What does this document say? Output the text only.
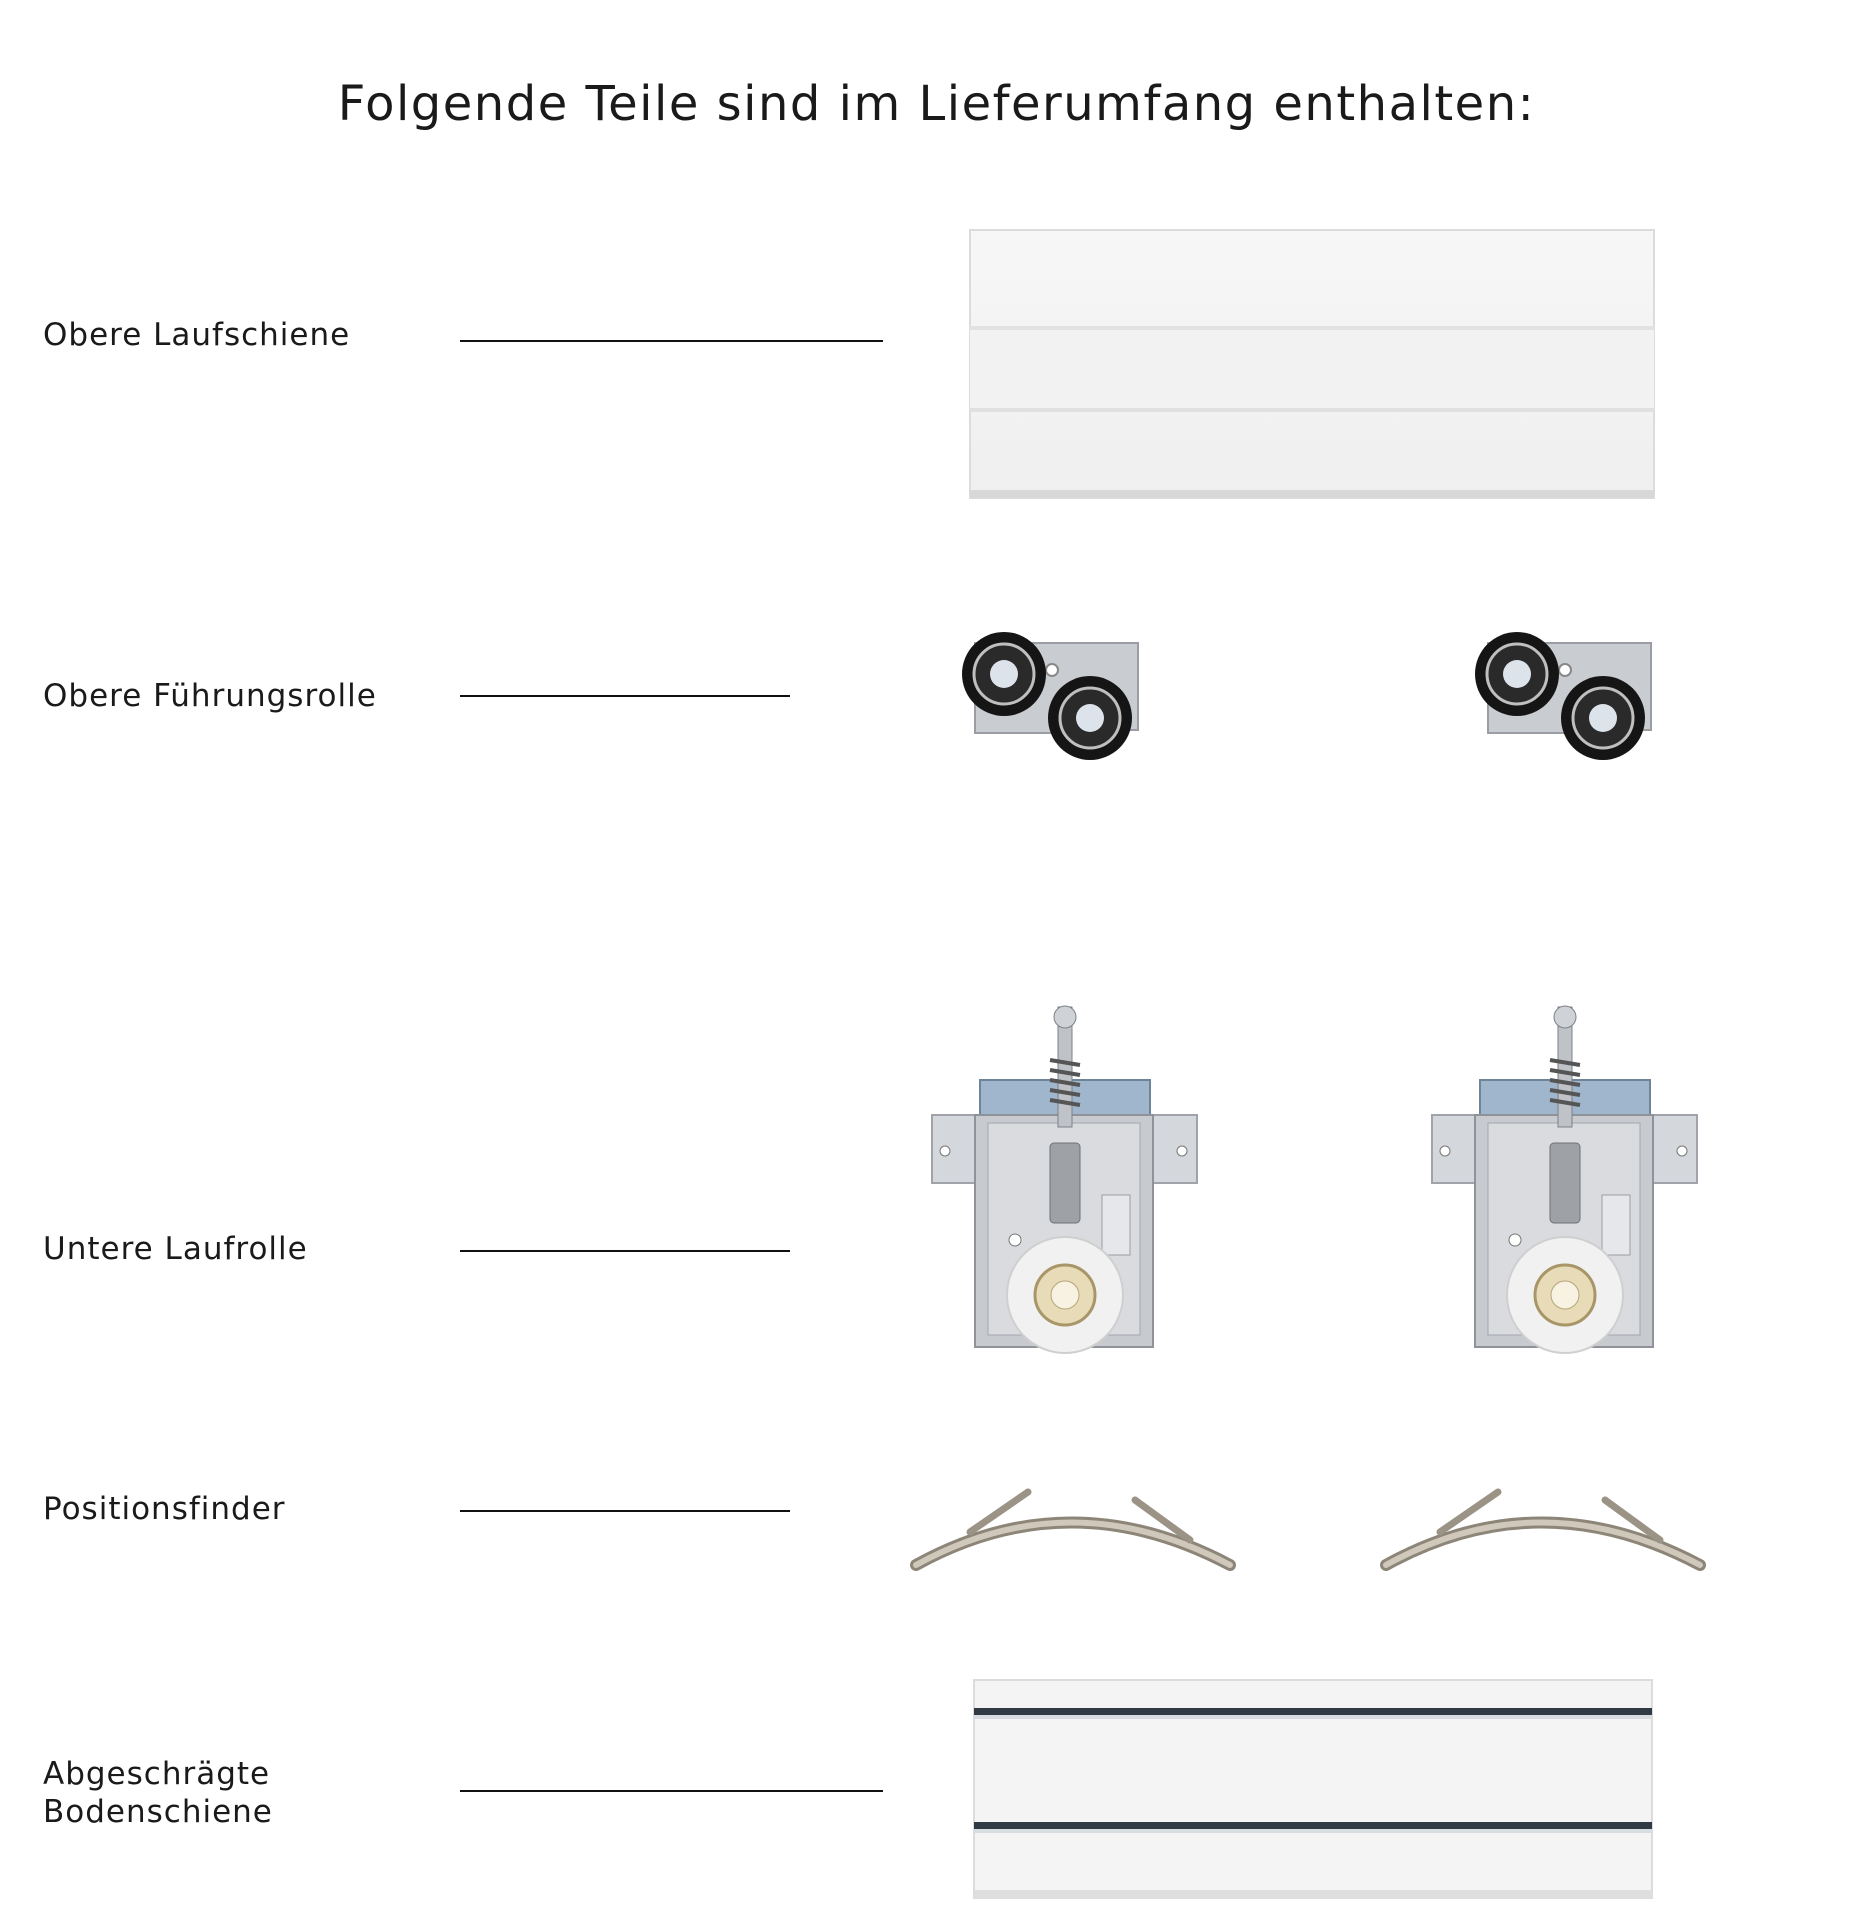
Folgende Teile sind im Lieferumfang enthalten:
Obere Laufschiene
Obere Führungsrolle
Untere Laufrolle
Positionsfinder
Abgeschrägte
Bodenschiene
